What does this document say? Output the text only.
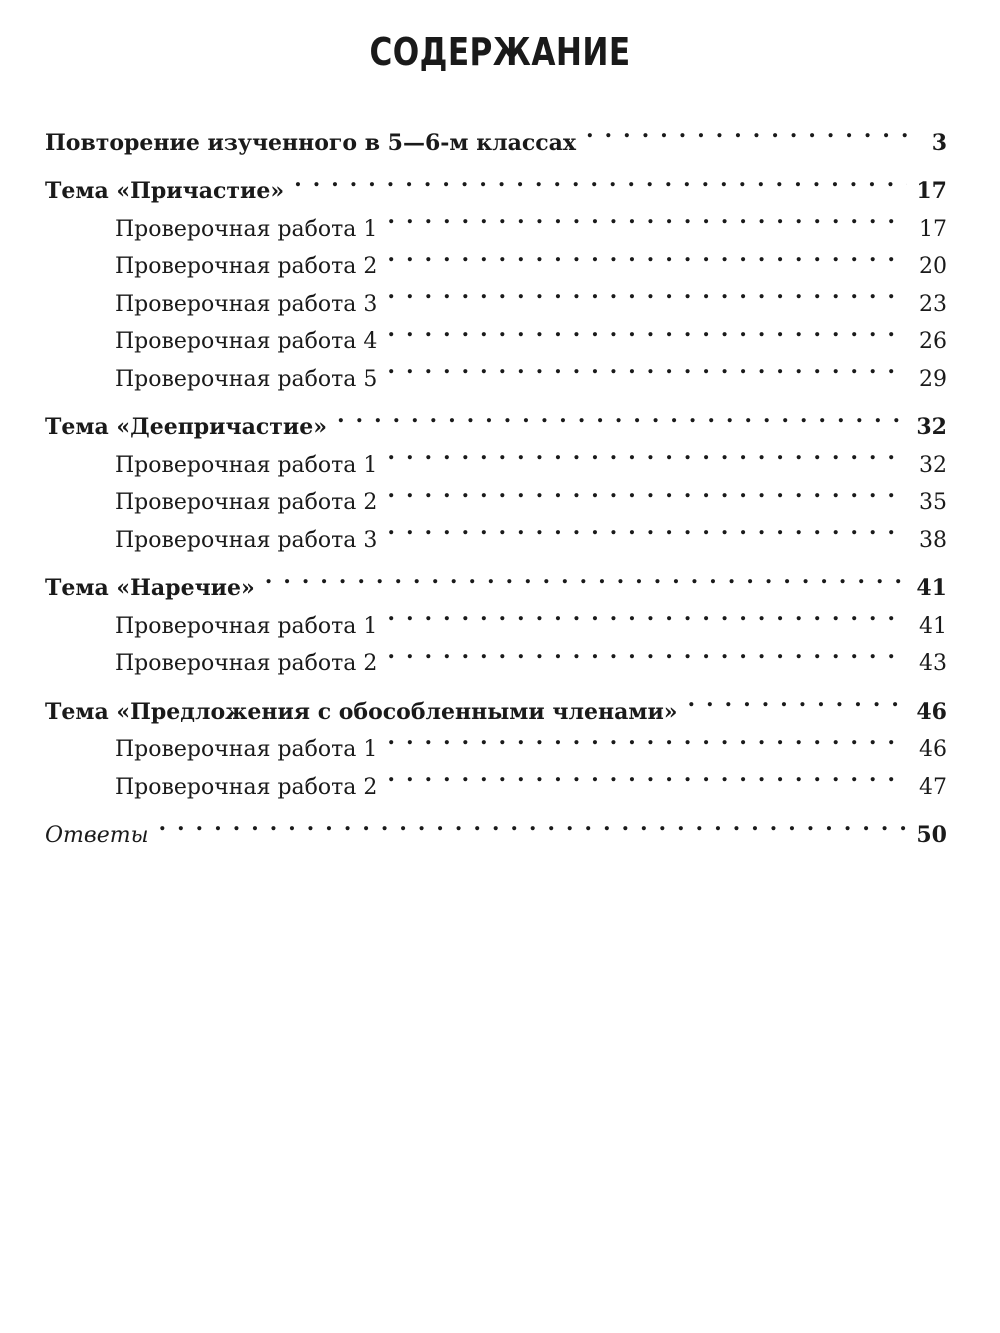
СОДЕРЖАНИЕ
Повторение изученного в 5—6-м классах . . .	3
Тема «Причастие» . . .	17
Проверочная работа 1 . . .	17
Проверочная работа 2 . . .	20
Проверочная работа 3 . . .	23
Проверочная работа 4 . . .	26
Проверочная работа 5 . . .	29
Тема «Деепричастие» . . .	32
Проверочная работа 1 . . .	32
Проверочная работа 2 . . .	35
Проверочная работа 3 . . .	38
Тема «Наречие» . . .	41
Проверочная работа 1 . . .	41
Проверочная работа 2 . . .	43
Тема «Предложения с обособленными членами» . . .	46
Проверочная работа 1 . . .	46
Проверочная работа 2 . . .	47
Ответы . . .	50
